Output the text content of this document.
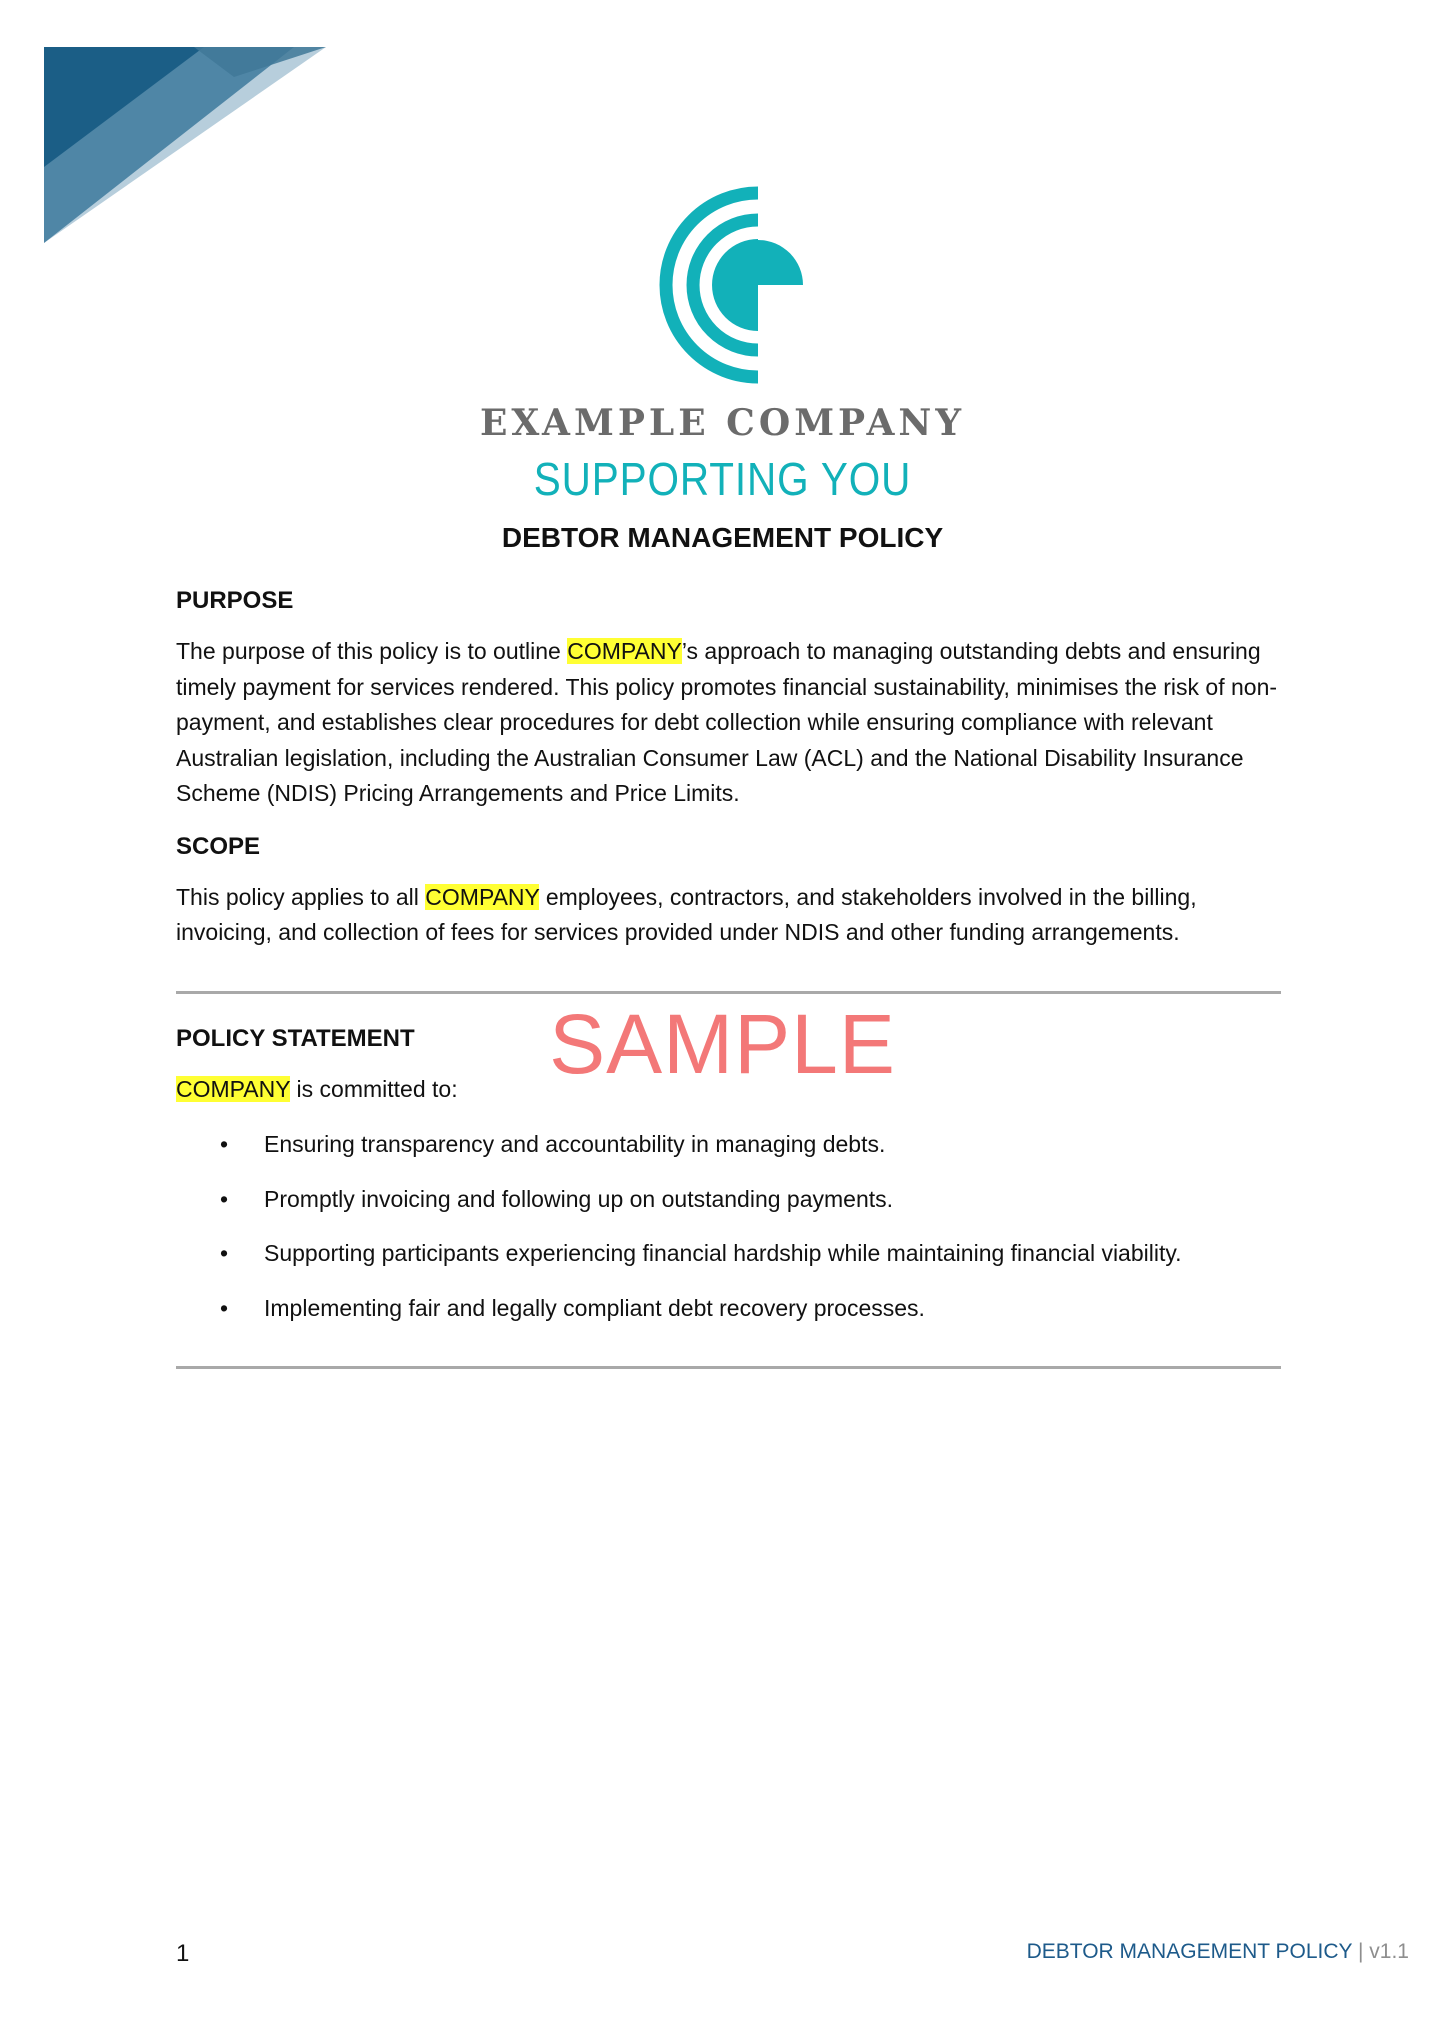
EXAMPLE COMPANY
SUPPORTING YOU
DEBTOR MANAGEMENT POLICY
PURPOSE

The purpose of this policy is to outline COMPANY’s approach to managing outstanding debts and ensuring timely payment for services rendered. This policy promotes financial sustainability, minimises the risk of non-payment, and establishes clear procedures for debt collection while ensuring compliance with relevant Australian legislation, including the Australian Consumer Law (ACL) and the National Disability Insurance Scheme (NDIS) Pricing Arrangements and Price Limits.

SCOPE

This policy applies to all COMPANY employees, contractors, and stakeholders involved in the billing, invoicing, and collection of fees for services provided under NDIS and other funding arrangements.

POLICY STATEMENT

COMPANY is committed to:

• Ensuring transparency and accountability in managing debts.
• Promptly invoicing and following up on outstanding payments.
• Supporting participants experiencing financial hardship while maintaining financial viability.
• Implementing fair and legally compliant debt recovery processes.
SAMPLE
1	DEBTOR MANAGEMENT POLICY | v1.1
